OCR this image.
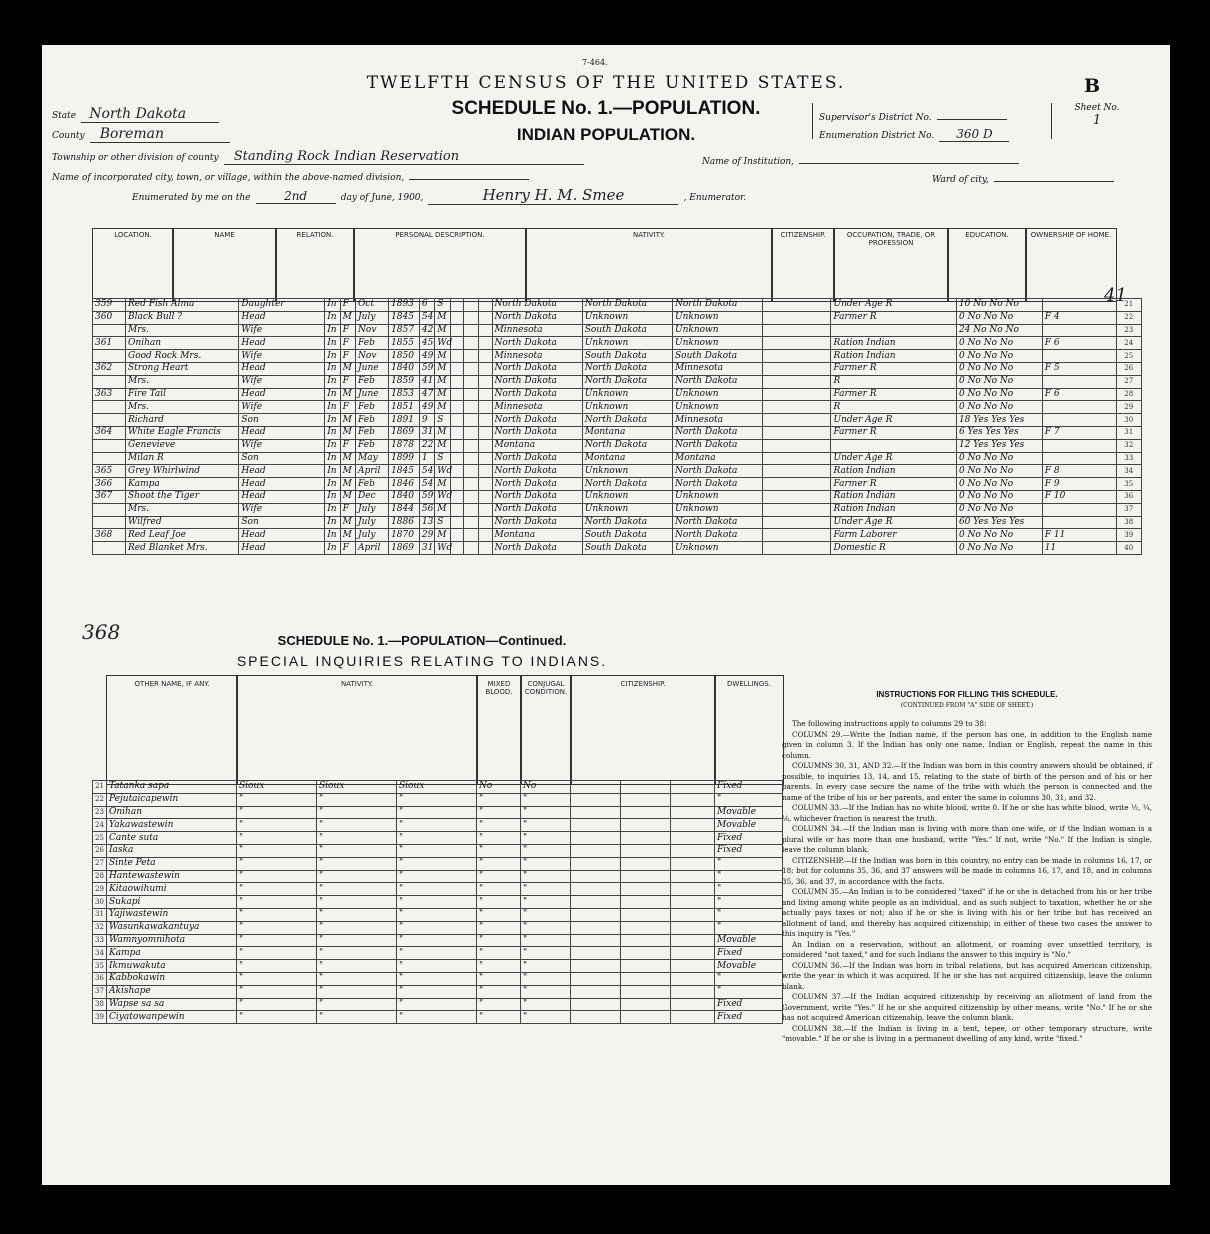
7-464.
TWELFTH CENSUS OF THE UNITED STATES.	B
SCHEDULE No. 1.—POPULATION.
INDIAN POPULATION.
State North Dakota
County Boreman
Township or other division of county Standing Rock Indian Reservation
Name of incorporated city, town, or village, within the above-named division,
Name of Institution,
Ward of city,
Enumerated by me on the	2nd	day of June, 1900,	Henry H. M. Smee	, Enumerator.
Supervisor's District No.
Enumeration District No. 360 D
Sheet No.
1
LOCATION.	NAME	RELATION.	PERSONAL DESCRIPTION.	NATIVITY.	CITIZENSHIP.	OCCUPATION, TRADE, OR PROFESSION
EDUCATION.	OWNERSHIP OF HOME.
359	Red Fish Alma	Daughter	In	F	Oct	1893	6	S				North Dakota	North Dakota	North Dakota		Under Age R	10 No No No		21
360	Black Bull ?	Head	In	M	July	1845	54	M				North Dakota	Unknown	Unknown		Farmer R	0 No No No	F 4	22
	Mrs.	Wife	In	F	Nov	1857	42	M				Minnesota	South Dakota	Unknown			24 No No No		23
361	Onihan	Head	In	F	Feb	1855	45	Wd				North Dakota	Unknown	Unknown		Ration Indian	0 No No No	F 6	24
	Good Rock Mrs.	Wife	In	F	Nov	1850	49	M				Minnesota	South Dakota	South Dakota		Ration Indian	0 No No No		25
362	Strong Heart	Head	In	M	June	1840	59	M				North Dakota	North Dakota	Minnesota		Farmer R	0 No No No	F 5	26
	Mrs.	Wife	In	F	Feb	1859	41	M				North Dakota	North Dakota	North Dakota		R	0 No No No		27
363	Fire Tail	Head	In	M	June	1853	47	M				North Dakota	Unknown	Unknown		Farmer R	0 No No No	F 6	28
	Mrs.	Wife	In	F	Feb	1851	49	M				Minnesota	Unknown	Unknown		R	0 No No No		29
	Richard	Son	In	M	Feb	1891	9	S				North Dakota	North Dakota	Minnesota		Under Age R	18 Yes Yes Yes		30
364	White Eagle Francis	Head	In	M	Feb	1869	31	M				North Dakota	Montana	North Dakota		Farmer R	6 Yes Yes Yes	F 7	31
	Genevieve	Wife	In	F	Feb	1878	22	M				Montana	North Dakota	North Dakota			12 Yes Yes Yes		32
	Milan R	Son	In	M	May	1899	1	S				North Dakota	Montana	Montana		Under Age R	0 No No No		33
365	Grey Whirlwind	Head	In	M	April	1845	54	Wd				North Dakota	Unknown	North Dakota		Ration Indian	0 No No No	F 8	34
366	Kampa	Head	In	M	Feb	1846	54	M				North Dakota	North Dakota	North Dakota		Farmer R	0 No No No	F 9	35
367	Shoot the Tiger	Head	In	M	Dec	1840	59	Wd				North Dakota	Unknown	Unknown		Ration Indian	0 No No No	F 10	36
	Mrs.	Wife	In	F	July	1844	56	M				North Dakota	Unknown	Unknown		Ration Indian	0 No No No		37
	Wilfred	Son	In	M	July	1886	13	S				North Dakota	North Dakota	North Dakota		Under Age R	60 Yes Yes Yes		38
368	Red Leaf Joe	Head	In	M	July	1870	29	M				Montana	South Dakota	North Dakota		Farm Laborer	0 No No No	F 11	39
	Red Blanket Mrs.	Head	In	F	April	1869	31	Wd				North Dakota	South Dakota	Unknown		Domestic R	0 No No No	11	40
41
SCHEDULE No. 1.—POPULATION—Continued.
SPECIAL INQUIRIES RELATING TO INDIANS.
368
OTHER NAME, IF ANY.	NATIVITY.	MIXED BLOOD.
CONJUGAL CONDITION.
CITIZENSHIP.	DWELLINGS.
21	Tatanka sapa	Sioux	Sioux	Sioux	No	No				Fixed
22	Pejutaicapewin	"	"	"	"	"				"
23	Onihan	"	"	"	"	"				Movable
24	Yakawastewin	"	"	"	"	"				Movable
25	Cante suta	"	"	"	"	"				Fixed
26	Iaska	"	"	"	"	"				Fixed
27	Sinte Peta	"	"	"	"	"				"
28	Hantewastewin	"	"	"	"	"				"
29	Kitaowihumi	"	"	"	"	"				"
30	Sukapi	"	"	"	"	"				"
31	Yajiwastewin	"	"	"	"	"				"
32	Wasunkawakantuya	"	"	"	"	"				"
33	Wamnyomnihota	"	"	"	"	"				Movable
34	Kampa	"	"	"	"	"				Fixed
35	Ikmuwakuta	"	"	"	"	"				Movable
36	Kabbokawin	"	"	"	"	"				"
37	Akishape	"	"	"	"	"				"
38	Wapse sa sa	"	"	"	"	"				Fixed
39	Ciyatowanpewin	"	"	"	"	"				Fixed
INSTRUCTIONS FOR FILLING THIS SCHEDULE.
(CONTINUED FROM "A" SIDE OF SHEET.)

The following instructions apply to columns 29 to 38:

COLUMN 29.—Write the Indian name, if the person has one, in addition to the English name given in column 3. If the Indian has only one name, Indian or English, repeat the name in this column.

COLUMNS 30, 31, AND 32.—If the Indian was born in this country answers should be obtained, if possible, to inquiries 13, 14, and 15, relating to the state of birth of the person and of his or her parents. In every case secure the name of the tribe with which the person is connected and the name of the tribe of his or her parents, and enter the same in columns 30, 31, and 32.

COLUMN 33.—If the Indian has no white blood, write 0. If he or she has white blood, write ½, ¼, ⅛, whichever fraction is nearest the truth.

COLUMN 34.—If the Indian man is living with more than one wife, or if the Indian woman is a plural wife or has more than one husband, write "Yes." If not, write "No." If the Indian is single, leave the column blank.

CITIZENSHIP.—If the Indian was born in this country, no entry can be made in columns 16, 17, or 18; but for columns 35, 36, and 37 answers will be made in columns 16, 17, and 18, and in columns 35, 36, and 37, in accordance with the facts.

COLUMN 35.—An Indian is to be considered "taxed" if he or she is detached from his or her tribe and living among white people as an individual, and as such subject to taxation, whether he or she actually pays taxes or not; also if he or she is living with his or her tribe but has received an allotment of land, and thereby has acquired citizenship; in either of these two cases the answer to this inquiry is "Yes."

An Indian on a reservation, without an allotment, or roaming over unsettled territory, is considered "not taxed," and for such Indians the answer to this inquiry is "No."

COLUMN 36.—If the Indian was born in tribal relations, but has acquired American citizenship, write the year in which it was acquired. If he or she has not acquired citizenship, leave the column blank.

COLUMN 37.—If the Indian acquired citizenship by receiving an allotment of land from the Government, write "Yes." If he or she acquired citizenship by other means, write "No." If he or she has not acquired American citizenship, leave the column blank.

COLUMN 38.—If the Indian is living in a tent, tepee, or other temporary structure, write "movable." If he or she is living in a permanent dwelling of any kind, write "fixed."
